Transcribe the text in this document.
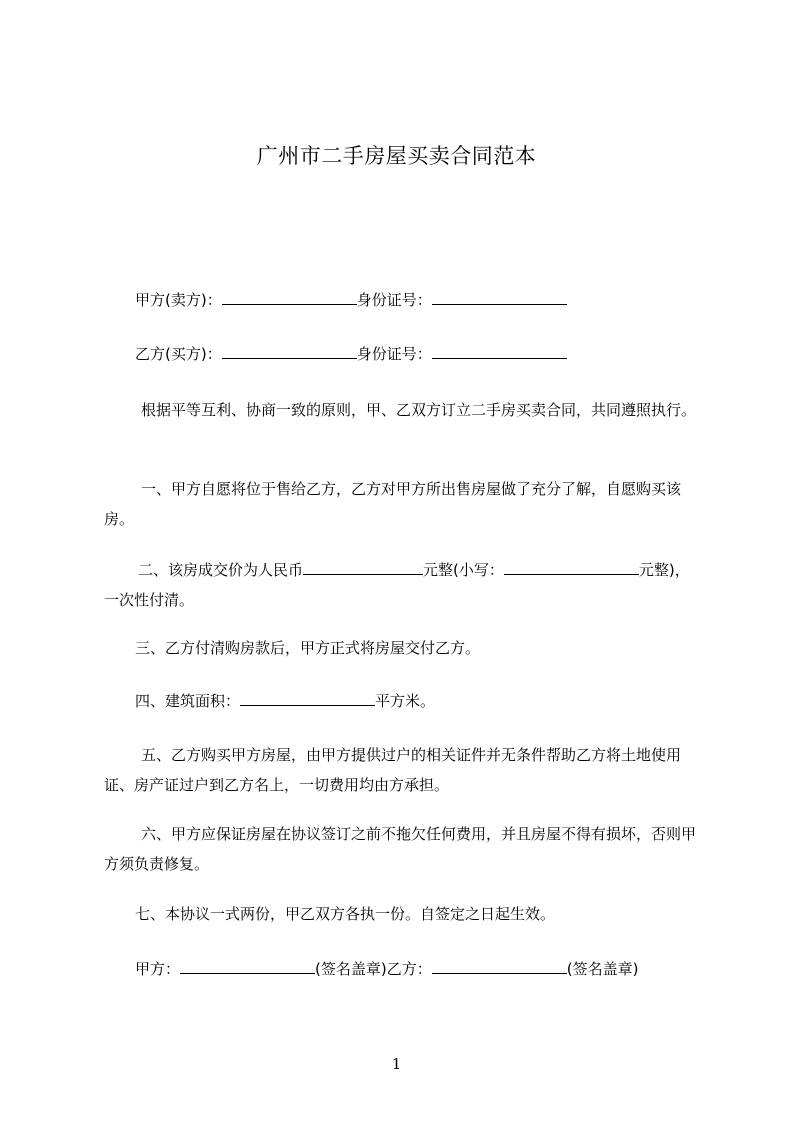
广州市二手房屋买卖合同范本
甲方(卖方)：	身份证号：
乙方(买方)：	身份证号：
根据平等互利、协商一致的原则，甲、乙双方订立二手房买卖合同，共同遵照执行。
一、甲方自愿将位于售给乙方，乙方对甲方所出售房屋做了充分了解，自愿购买该房。
二、该房成交价为人民币	元整(小写：	元整)，一次性付清。
三、乙方付清购房款后，甲方正式将房屋交付乙方。
四、建筑面积：	平方米。
五、乙方购买甲方房屋，由甲方提供过户的相关证件并无条件帮助乙方将土地使用证、房产证过户到乙方名上，一切费用均由方承担。
六、甲方应保证房屋在协议签订之前不拖欠任何费用，并且房屋不得有损坏，否则甲方须负责修复。
七、本协议一式两份，甲乙双方各执一份。自签定之日起生效。
甲方：	(签名盖章)乙方：	(签名盖章)
1
